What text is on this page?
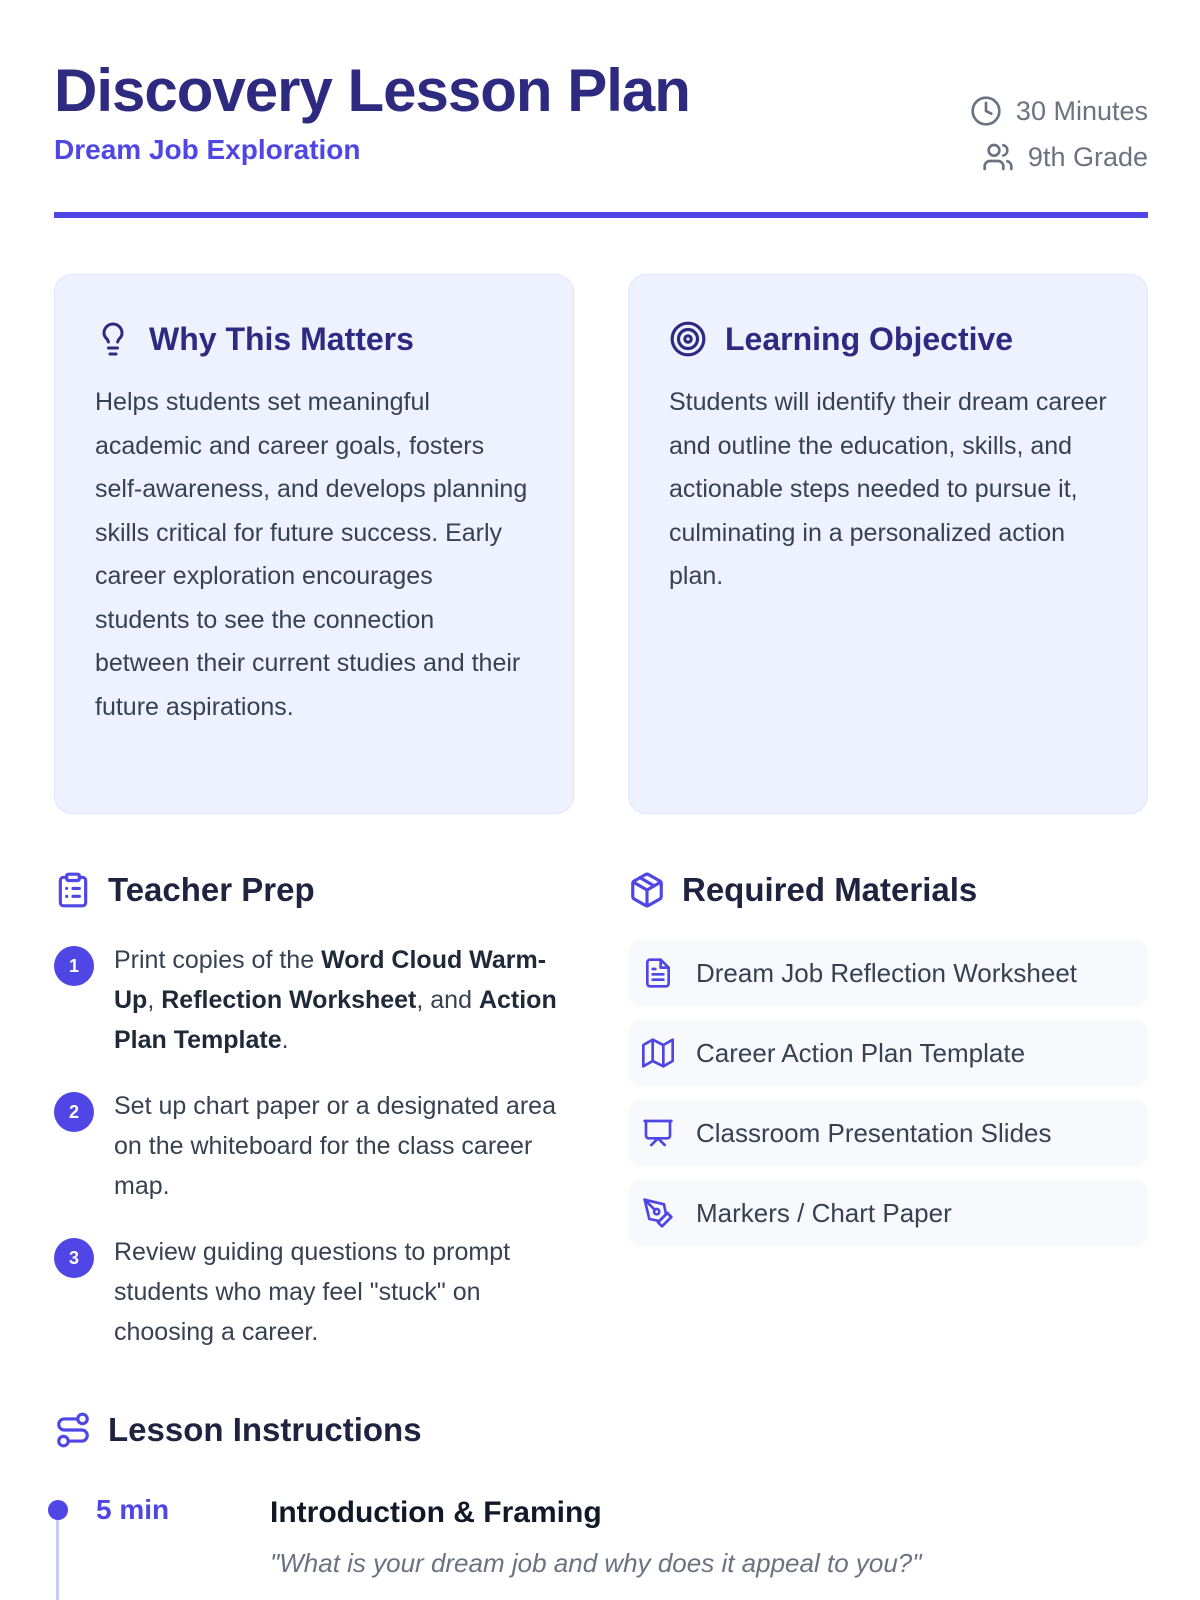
Discovery Lesson Plan
Dream Job Exploration
30 Minutes
9th Grade
Why This Matters

Helps students set meaningful academic and career goals, fosters self-awareness, and develops planning skills critical for future success. Early career exploration encourages students to see the connection between their current studies and their future aspirations.

Learning Objective

Students will identify their dream career and outline the education, skills, and actionable steps needed to pursue it, culminating in a personalized action plan.

Teacher Prep
1	Print copies of the Word Cloud Warm-Up, Reflection Worksheet, and Action Plan Template.
2	Set up chart paper or a designated area on the whiteboard for the class career map.
3	Review guiding questions to prompt students who may feel "stuck" on choosing a career.
Required Materials
Dream Job Reflection Worksheet
Career Action Plan Template
Classroom Presentation Slides
Markers / Chart Paper
Lesson Instructions
5 min	Introduction & Framing
"What is your dream job and why does it appeal to you?"
